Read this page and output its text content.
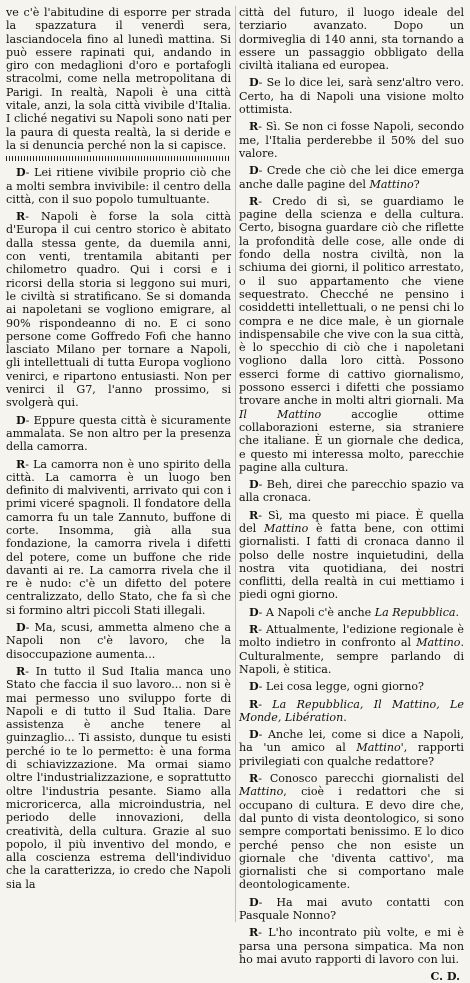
ve c'è l'abitudine di esporre per strada la spazzatura il venerdì sera, lasciandocela fino al lunedì mattina. Si può essere rapinati qui, andando in giro con medaglioni d'oro e portafogli stracolmi, come nella metropolitana di Parigi. In realtà, Napoli è una città vitale, anzi, la sola città vivibile d'Italia. I cliché negativi su Napoli sono nati per la paura di questa realtà, la si deride e la si denuncia perché non la si capisce.

D- Lei ritiene vivibile proprio ciò che a molti sembra invivibile: il centro della città, con il suo popolo tumultuante.

R- Napoli è forse la sola città d'Europa il cui centro storico è abitato dalla stessa gente, da duemila anni, con venti, trentamila abitanti per chilometro quadro. Qui i corsi e i ricorsi della storia si leggono sui muri, le civiltà si stratificano. Se si domanda ai napoletani se vogliono emigrare, al 90% rispondeanno di no. E ci sono persone come Goffredo Fofi che hanno lasciato Milano per tornare a Napoli, gli intellettuali di tutta Europa vogliono venirci, e ripartono entusiasti. Non per venirci il G7, l'anno prossimo, si svolgerà qui.

D- Eppure questa città è sicuramente ammalata. Se non altro per la presenza della camorra.

R- La camorra non è uno spirito della città. La camorra è un luogo ben definito di malviventi, arrivato qui con i primi viceré spagnoli. Il fondatore della camorra fu un tale Zannuto, buffone di corte. Insomma, già alla sua fondazione, la camorra rivela i difetti del potere, come un buffone che ride davanti ai re. La camorra rivela che il re è nudo: c'è un difetto del potere centralizzato, dello Stato, che fa sì che si formino altri piccoli Stati illegali.

D- Ma, scusi, ammetta almeno che a Napoli non c'è lavoro, che la disoccupazione aumenta...

R- In tutto il Sud Italia manca uno Stato che faccia il suo lavoro... non si è mai permesso uno sviluppo forte di Napoli e di tutto il Sud Italia. Dare assistenza è anche tenere al guinzaglio... Ti assisto, dunque tu esisti perché io te lo permetto: è una forma di schiavizzazione. Ma ormai siamo oltre l'industrializzazione, e soprattutto oltre l'industria pesante. Siamo alla microricerca, alla microindustria, nel periodo delle innovazioni, della creatività, della cultura. Grazie al suo popolo, il più inventivo del mondo, e alla coscienza estrema dell'individuo che la caratterizza, io credo che Napoli sia la

città del futuro, il luogo ideale del terziario avanzato. Dopo un dormiveglia di 140 anni, sta tornando a essere un passaggio obbligato della civiltà italiana ed europea.

D- Se lo dice lei, sarà senz'altro vero. Certo, ha di Napoli una visione molto ottimista.

R- Sì. Se non ci fosse Napoli, secondo me, l'Italia perderebbe il 50% del suo valore.

D- Crede che ciò che lei dice emerga anche dalle pagine del Mattino?

R- Credo di sì, se guardiamo le pagine della scienza e della cultura. Certo, bisogna guardare ciò che riflette la profondità delle cose, alle onde di fondo della nostra civiltà, non la schiuma dei giorni, il politico arrestato, o il suo appartamento che viene sequestrato. Checché ne pensino i cosiddetti intellettuali, o ne pensi chi lo compra e ne dice male, è un giornale indispensabile che vive con la sua città, è lo specchio di ciò che i napoletani vogliono dalla loro città. Possono esserci forme di cattivo giornalismo, possono esserci i difetti che possiamo trovare anche in molti altri giornali. Ma Il Mattino accoglie ottime collaborazioni esterne, sia straniere che italiane. È un giornale che dedica, e questo mi interessa molto, parecchie pagine alla cultura.

D- Beh, direi che parecchio spazio va alla cronaca.

R- Sì, ma questo mi piace. È quella del Mattino è fatta bene, con ottimi giornalisti. I fatti di cronaca danno il polso delle nostre inquietudini, della nostra vita quotidiana, dei nostri conflitti, della realtà in cui mettiamo i piedi ogni giorno.

D- A Napoli c'è anche La Repubblica.

R- Attualmente, l'edizione regionale è molto indietro in confronto al Mattino. Culturalmente, sempre parlando di Napoli, è stitica.

D- Lei cosa legge, ogni giorno?

R- La Repubblica, Il Mattino, Le Monde, Libération.

D- Anche lei, come si dice a Napoli, ha 'un amico al Mattino', rapporti privilegiati con qualche redattore?

R- Conosco parecchi giornalisti del Mattino, cioè i redattori che si occupano di cultura. E devo dire che, dal punto di vista deontologico, si sono sempre comportati benissimo. E lo dico perché penso che non esiste un giornale che 'diventa cattivo', ma giornalisti che si comportano male deontologicamente.

D- Ha mai avuto contatti con Pasquale Nonno?

R- L'ho incontrato più volte, e mi è parsa una persona simpatica. Ma non ho mai avuto rapporti di lavoro con lui.

C. D.
